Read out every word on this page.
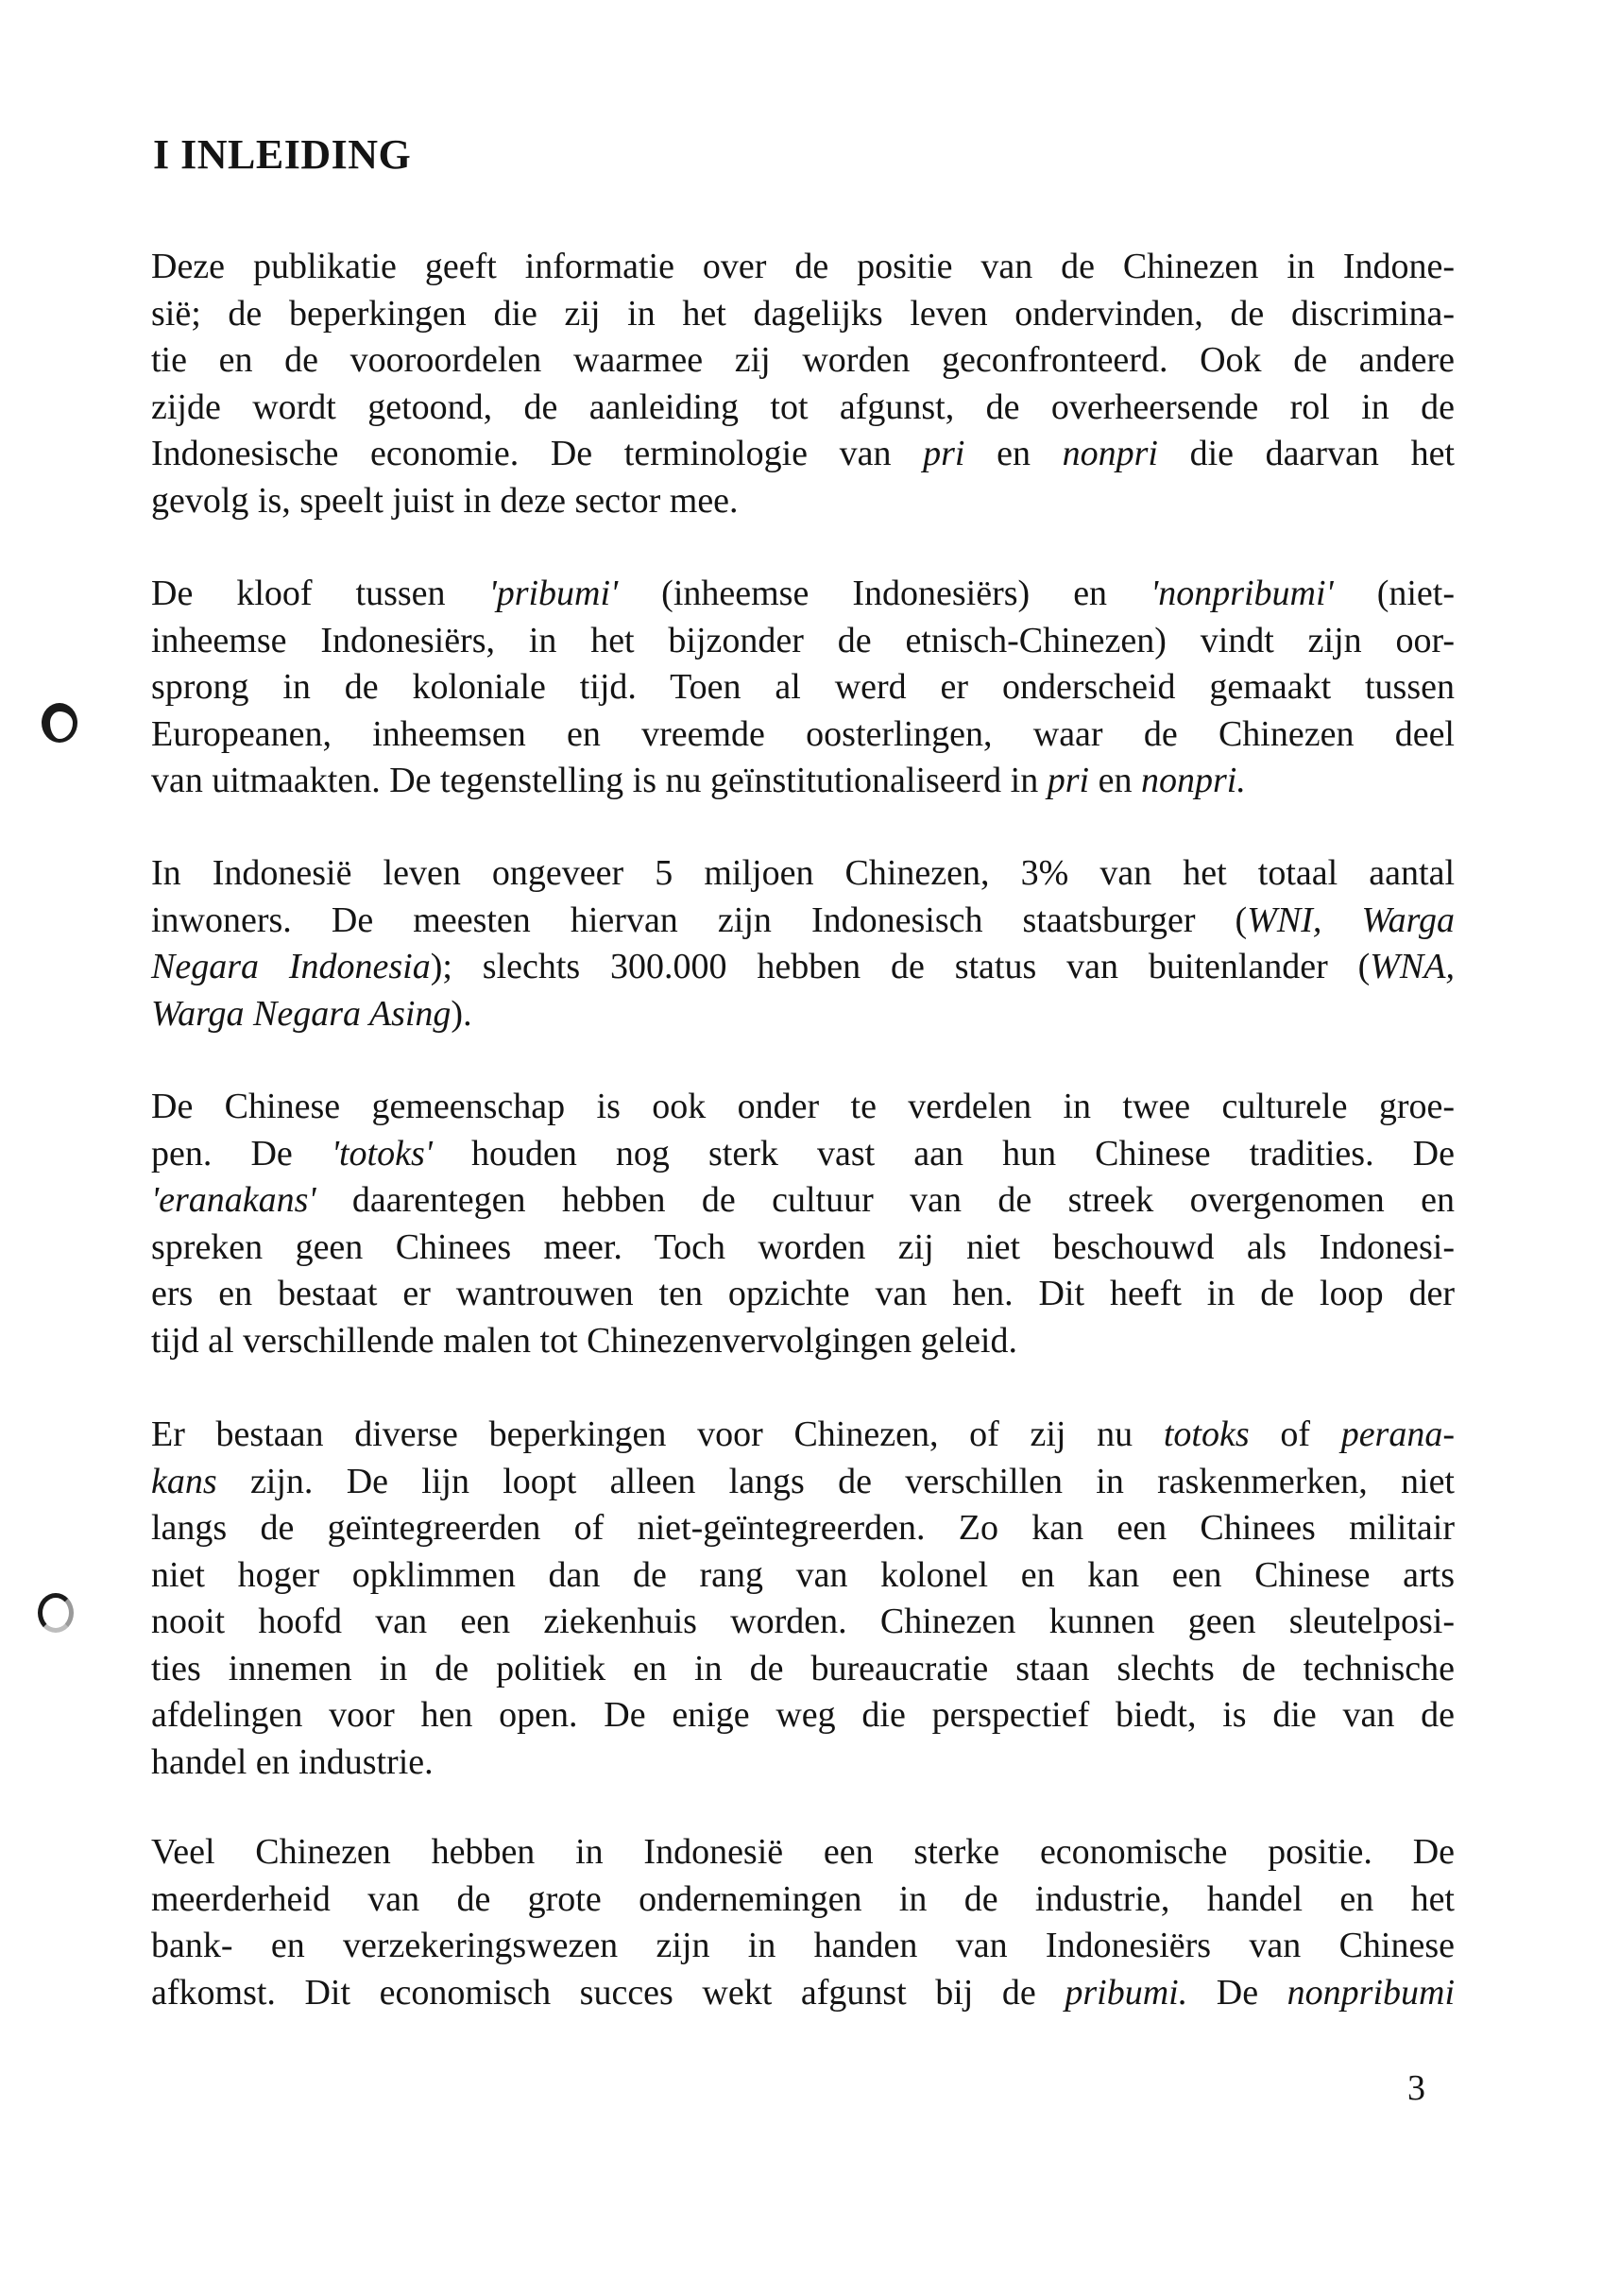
I INLEIDING

Deze publikatie geeft informatie over de positie van de Chinezen in Indone-
sië; de beperkingen die zij in het dagelijks leven ondervinden, de discrimina-
tie en de vooroordelen waarmee zij worden geconfronteerd. Ook de andere
zijde wordt getoond, de aanleiding tot afgunst, de overheersende rol in de
Indonesische economie. De terminologie van pri en nonpri die daarvan het
gevolg is, speelt juist in deze sector mee.

De kloof tussen 'pribumi' (inheemse Indonesiërs) en 'nonpribumi' (niet-
inheemse Indonesiërs, in het bijzonder de etnisch-Chinezen) vindt zijn oor-
sprong in de koloniale tijd. Toen al werd er onderscheid gemaakt tussen
Europeanen, inheemsen en vreemde oosterlingen, waar de Chinezen deel
van uitmaakten. De tegenstelling is nu geïnstitutionaliseerd in pri en nonpri.

In Indonesië leven ongeveer 5 miljoen Chinezen, 3% van het totaal aantal
inwoners. De meesten hiervan zijn Indonesisch staatsburger (WNI, Warga
Negara Indonesia); slechts 300.000 hebben de status van buitenlander (WNA,
Warga Negara Asing).

De Chinese gemeenschap is ook onder te verdelen in twee culturele groe-
pen. De 'totoks' houden nog sterk vast aan hun Chinese tradities. De
'eranakans' daarentegen hebben de cultuur van de streek overgenomen en
spreken geen Chinees meer. Toch worden zij niet beschouwd als Indonesi-
ers en bestaat er wantrouwen ten opzichte van hen. Dit heeft in de loop der
tijd al verschillende malen tot Chinezenvervolgingen geleid.

Er bestaan diverse beperkingen voor Chinezen, of zij nu totoks of perana-
kans zijn. De lijn loopt alleen langs de verschillen in raskenmerken, niet
langs de geïntegreerden of niet-geïntegreerden. Zo kan een Chinees militair
niet hoger opklimmen dan de rang van kolonel en kan een Chinese arts
nooit hoofd van een ziekenhuis worden. Chinezen kunnen geen sleutelposi-
ties innemen in de politiek en in de bureaucratie staan slechts de technische
afdelingen voor hen open. De enige weg die perspectief biedt, is die van de
handel en industrie.

Veel Chinezen hebben in Indonesië een sterke economische positie. De
meerderheid van de grote ondernemingen in de industrie, handel en het
bank- en verzekeringswezen zijn in handen van Indonesiërs van Chinese
afkomst. Dit economisch succes wekt afgunst bij de pribumi. De nonpribumi

3
